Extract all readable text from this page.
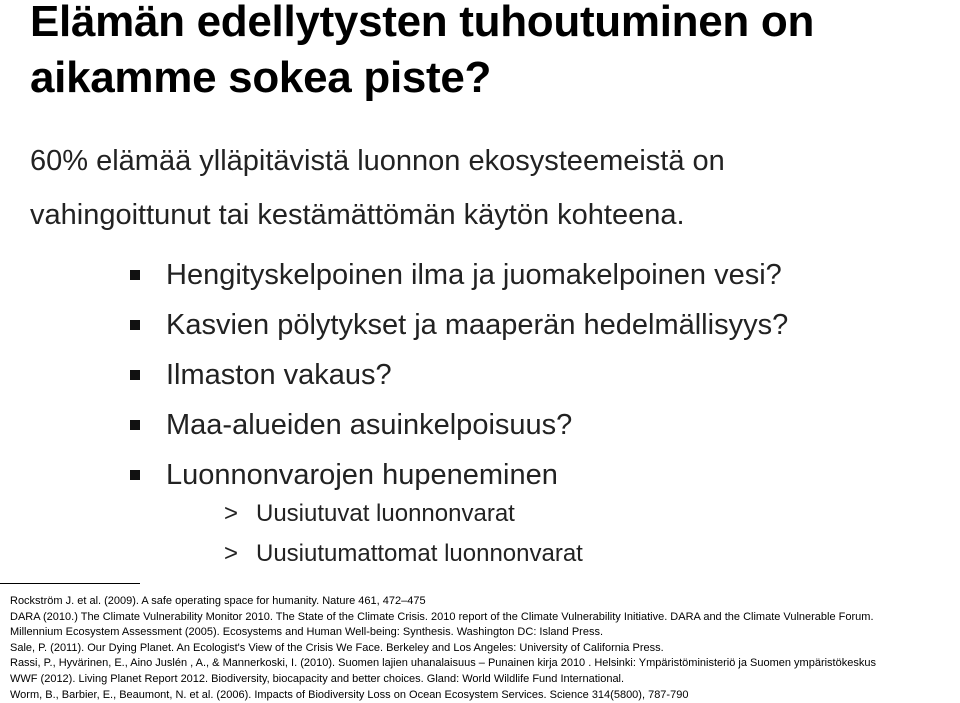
Elämän edellytysten tuhoutuminen on
aikamme sokea piste?
60% elämää ylläpitävistä luonnon ekosysteemeistä on
vahingoittunut tai kestämättömän käytön kohteena.
Hengityskelpoinen ilma ja juomakelpoinen vesi?
Kasvien pölytykset ja maaperän hedelmällisyys?
Ilmaston vakaus?
Maa-alueiden asuinkelpoisuus?
Luonnonvarojen hupeneminen
> Uusiutuvat luonnonvarat
> Uusiutumattomat luonnonvarat
Rockström J. et al. (2009). A safe operating space for humanity. Nature 461, 472–475
DARA (2010.) The Climate Vulnerability Monitor 2010. The State of the Climate Crisis. 2010 report of the Climate Vulnerability Initiative. DARA and the Climate Vulnerable Forum.
Millennium Ecosystem Assessment (2005). Ecosystems and Human Well-being: Synthesis. Washington DC: Island Press.
Sale, P. (2011). Our Dying Planet. An Ecologist's View of the Crisis We Face. Berkeley and Los Angeles: University of California Press.
Rassi, P., Hyvärinen, E., Aino Juslén , A., & Mannerkoski, I. (2010). Suomen lajien uhanalaisuus – Punainen kirja 2010 . Helsinki: Ympäristöministeriö ja Suomen ympäristökeskus
WWF (2012). Living Planet Report 2012. Biodiversity, biocapacity and better choices. Gland: World Wildlife Fund International.
Worm, B., Barbier, E., Beaumont, N. et al. (2006). Impacts of Biodiversity Loss on Ocean Ecosystem Services. Science 314(5800), 787-790
